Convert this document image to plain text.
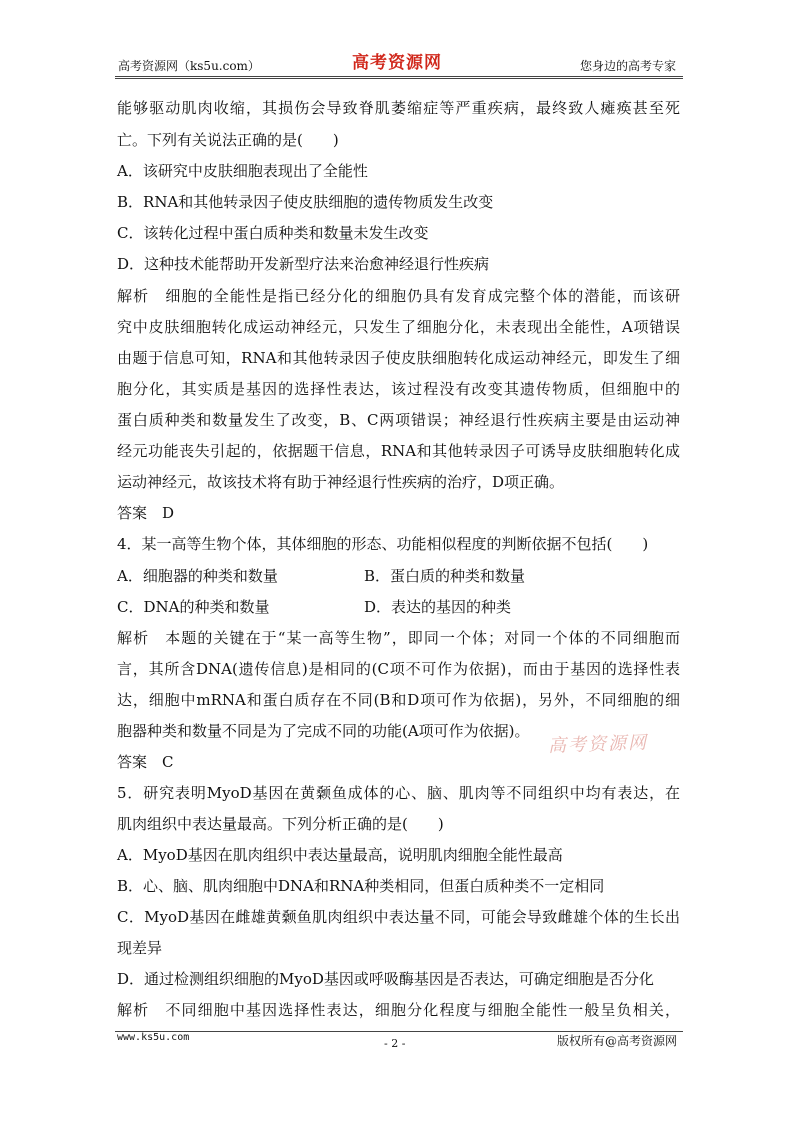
高考资源网（ks5u.com）	高考资源网	您身边的高考专家
能够驱动肌肉收缩，其损伤会导致脊肌萎缩症等严重疾病，最终致人瘫痪甚至死
亡。下列有关说法正确的是(　　)
A．该研究中皮肤细胞表现出了全能性
B．RNA和其他转录因子使皮肤细胞的遗传物质发生改变
C．该转化过程中蛋白质种类和数量未发生改变
D．这种技术能帮助开发新型疗法来治愈神经退行性疾病
解析　细胞的全能性是指已经分化的细胞仍具有发育成完整个体的潜能，而该研
究中皮肤细胞转化成运动神经元，只发生了细胞分化，未表现出全能性，A项错误
由题于信息可知，RNA和其他转录因子使皮肤细胞转化成运动神经元，即发生了细
胞分化，其实质是基因的选择性表达，该过程没有改变其遗传物质，但细胞中的
蛋白质种类和数量发生了改变，B、C两项错误；神经退行性疾病主要是由运动神
经元功能丧失引起的，依据题干信息，RNA和其他转录因子可诱导皮肤细胞转化成
运动神经元，故该技术将有助于神经退行性疾病的治疗，D项正确。
答案　D
4．某一高等生物个体，其体细胞的形态、功能相似程度的判断依据不包括(　　)
A．细胞器的种类和数量	B．蛋白质的种类和数量
C．DNA的种类和数量	D．表达的基因的种类
解析　本题的关键在于“某一高等生物”，即同一个体；对同一个体的不同细胞而
言，其所含DNA(遗传信息)是相同的(C项不可作为依据)，而由于基因的选择性表
达，细胞中mRNA和蛋白质存在不同(B和D项可作为依据)，另外，不同细胞的细
胞器种类和数量不同是为了完成不同的功能(A项可作为依据)。
答案　C
5．研究表明MyoD基因在黄颡鱼成体的心、脑、肌肉等不同组织中均有表达，在
肌肉组织中表达量最高。下列分析正确的是(　　)
A．MyoD基因在肌肉组织中表达量最高，说明肌肉细胞全能性最高
B．心、脑、肌肉细胞中DNA和RNA种类相同，但蛋白质种类不一定相同
C．MyoD基因在雌雄黄颡鱼肌肉组织中表达量不同，可能会导致雌雄个体的生长出
现差异
D．通过检测组织细胞的MyoD基因或呼吸酶基因是否表达，可确定细胞是否分化
解析　不同细胞中基因选择性表达，细胞分化程度与细胞全能性一般呈负相关，
高考资源网
www.ks5u.com	- 2 -	版权所有@高考资源网
